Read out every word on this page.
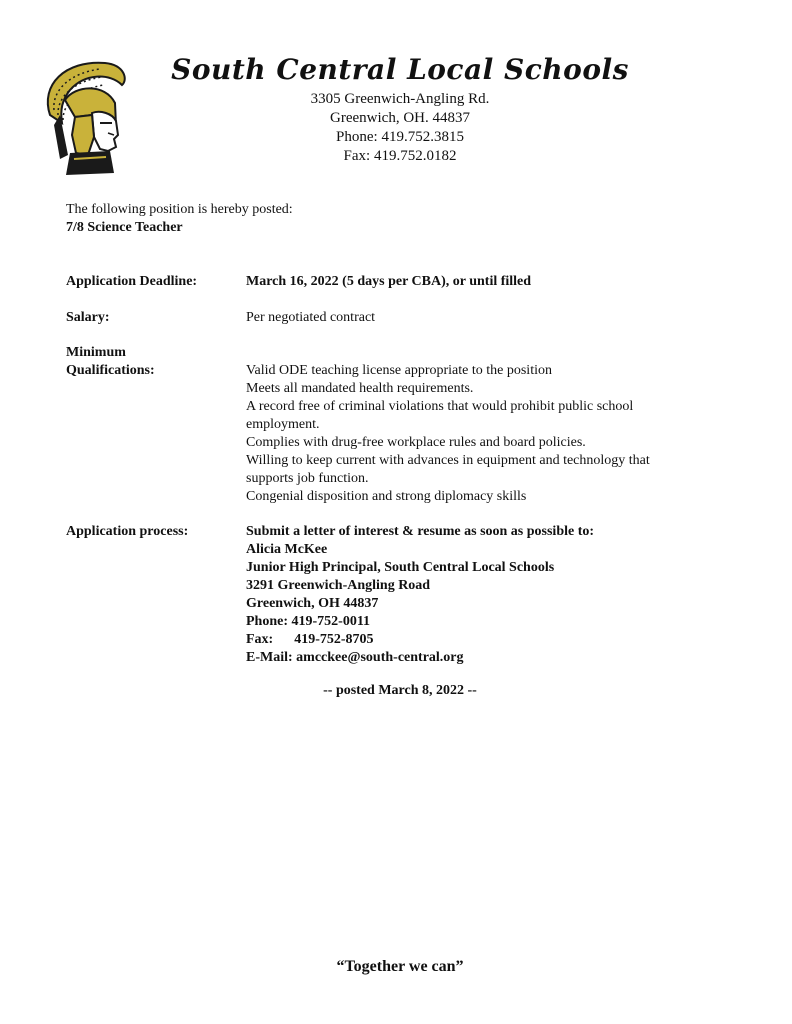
South Central Local Schools
3305 Greenwich-Angling Rd.
Greenwich, OH. 44837
Phone: 419.752.3815
Fax: 419.752.0182
The following position is hereby posted:
7/8 Science Teacher
Application Deadline:	March 16, 2022 (5 days per CBA), or until filled
Salary:	Per negotiated contract
Minimum
Qualifications:	Valid ODE teaching license appropriate to the position
Meets all mandated health requirements.
A record free of criminal violations that would prohibit public school
employment.
Complies with drug-free workplace rules and board policies.
Willing to keep current with advances in equipment and technology that
supports job function.
Congenial disposition and strong diplomacy skills
Application process:	Submit a letter of interest & resume as soon as possible to:
Alicia McKee
Junior High Principal, South Central Local Schools
3291 Greenwich-Angling Road
Greenwich, OH 44837
Phone: 419-752-0011
Fax:      419-752-8705
E-Mail: amcckee@south-central.org
-- posted March 8, 2022 --
“Together we can”
